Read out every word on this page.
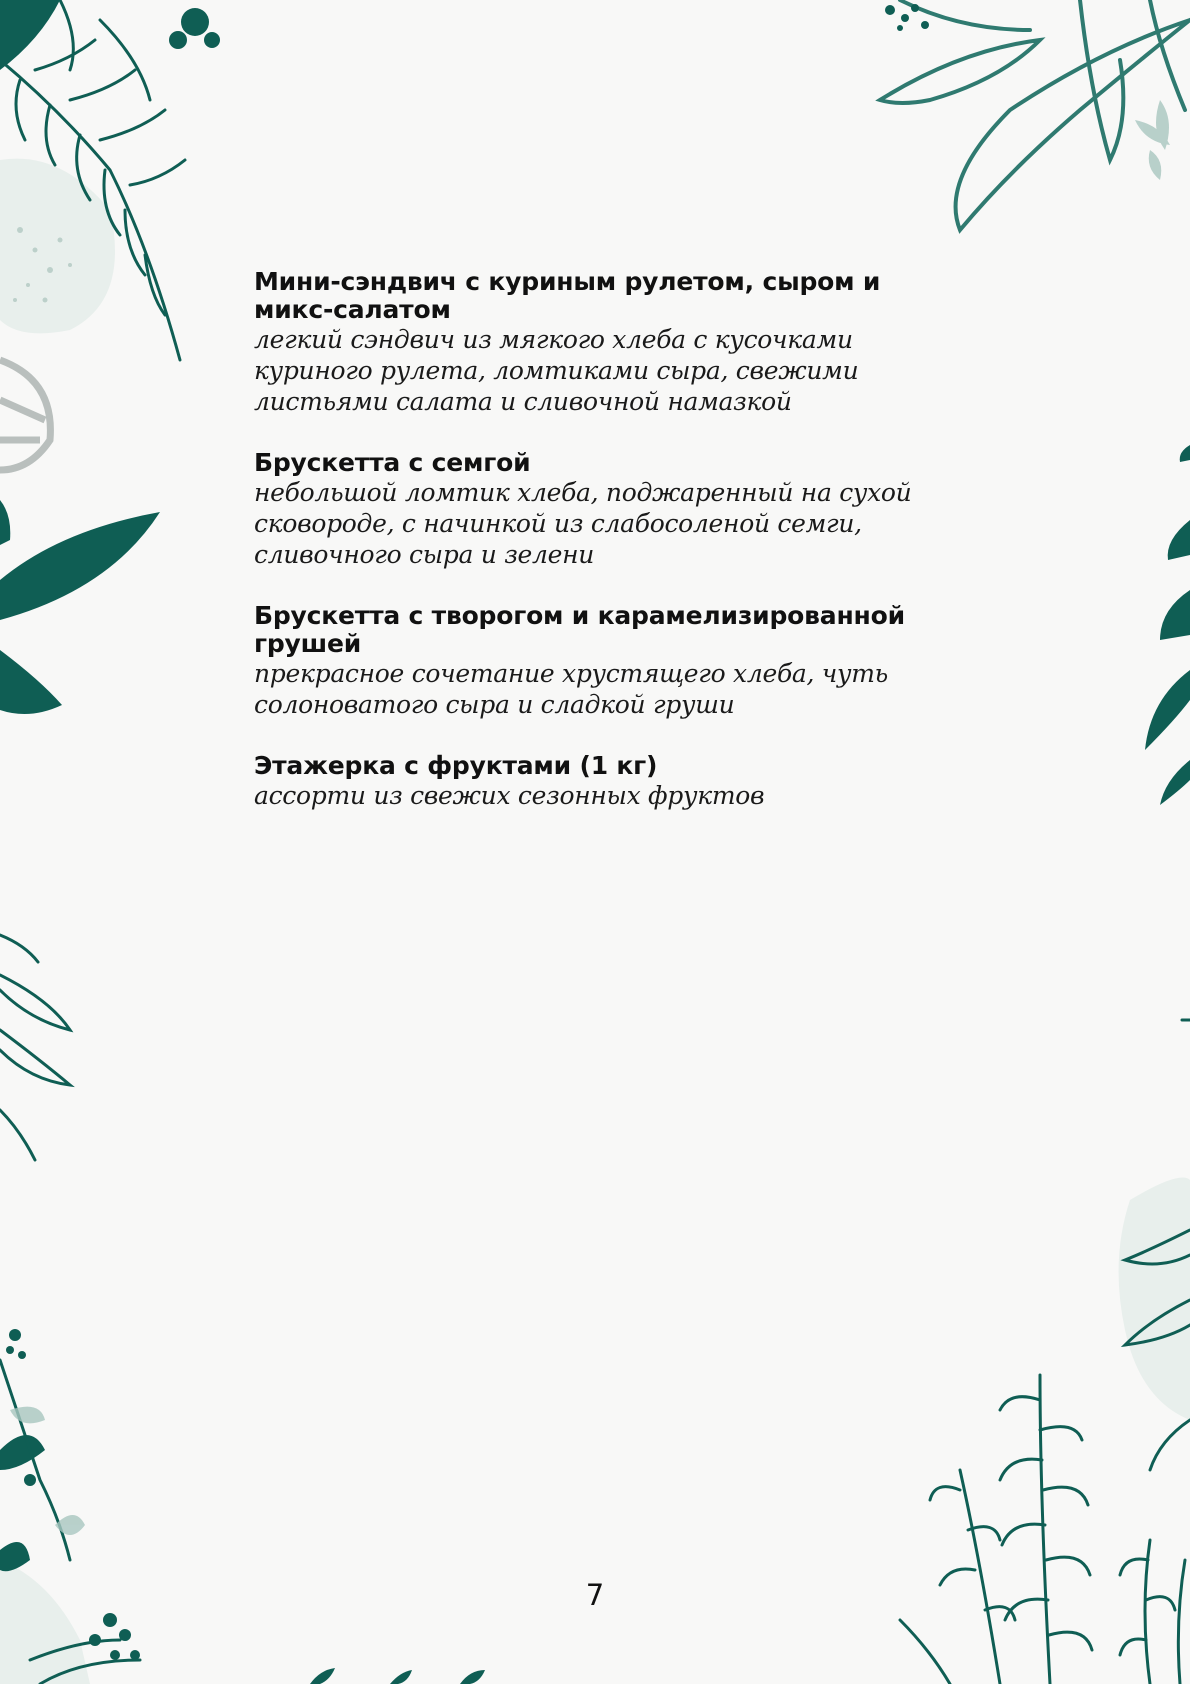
Мини-сэндвич с куриным рулетом, сыром и микс-салатом
легкий сэндвич из мягкого хлеба с кусочками куриного рулета, ломтиками сыра, свежими листьями салата и сливочной намазкой
Брускетта с семгой
небольшой ломтик хлеба, поджаренный на сухой сковороде, с начинкой из слабосоленой семги, сливочного сыра и зелени
Брускетта с творогом и карамелизированной грушей
прекрасное сочетание хрустящего хлеба, чуть солоноватого сыра и сладкой груши
Этажерка с фруктами (1 кг)
ассорти из свежих сезонных фруктов
7
